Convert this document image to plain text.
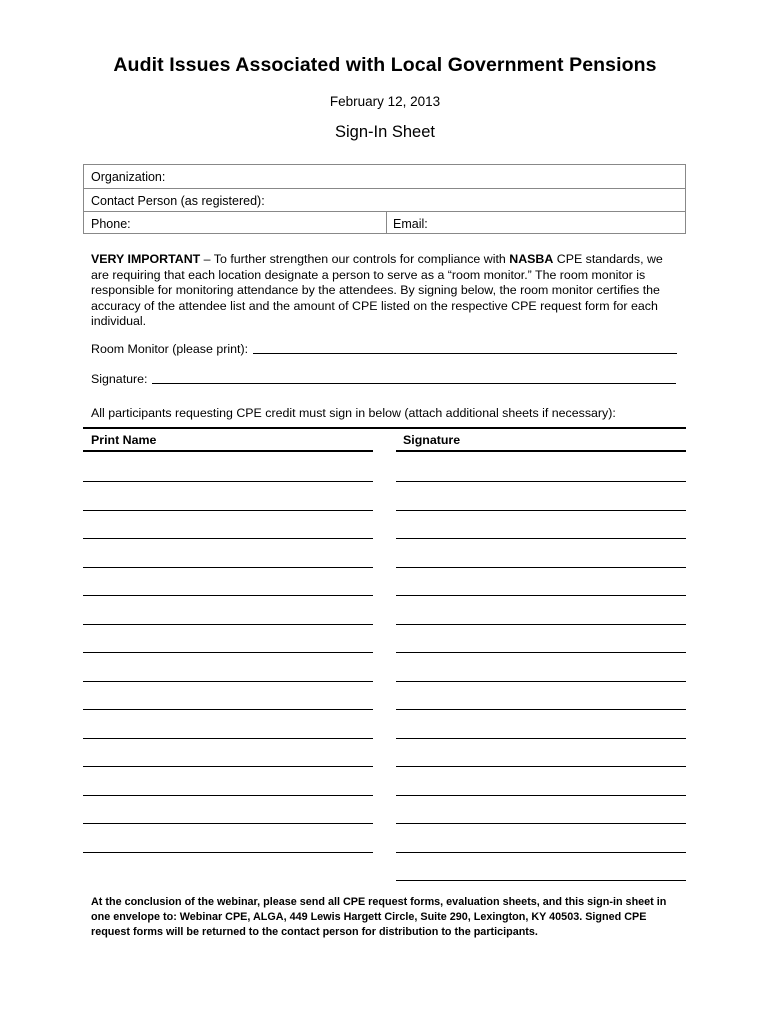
Audit Issues Associated with Local Government Pensions
February 12, 2013
Sign-In Sheet
Organization:
Contact Person (as registered):
Phone:	Email:
VERY IMPORTANT – To further strengthen our controls for compliance with NASBA CPE standards, we are requiring that each location designate a person to serve as a “room monitor.” The room monitor is responsible for monitoring attendance by the attendees. By signing below, the room monitor certifies the accuracy of the attendee list and the amount of CPE listed on the respective CPE request form for each individual.
Room Monitor (please print):
Signature:
All participants requesting CPE credit must sign in below (attach additional sheets if necessary):
Print Name	Signature
At the conclusion of the webinar, please send all CPE request forms, evaluation sheets, and this sign-in sheet in one envelope to: Webinar CPE, ALGA, 449 Lewis Hargett Circle, Suite 290, Lexington, KY 40503. Signed CPE request forms will be returned to the contact person for distribution to the participants.
